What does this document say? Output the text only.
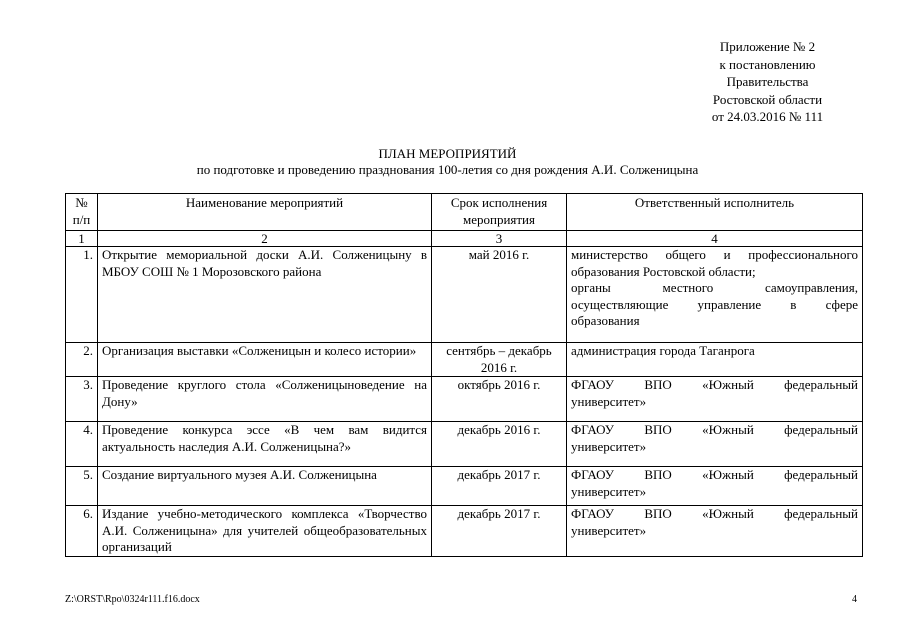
Приложение № 2
к постановлению
Правительства
Ростовской области
от 24.03.2016 № 111
ПЛАН МЕРОПРИЯТИЙ
по подготовке и проведению празднования 100-летия со дня рождения А.И. Солженицына
№ п/п	Наименование мероприятий	Срок исполнения мероприятия	Ответственный исполнитель
1	2	3	4
1.	Открытие мемориальной доски А.И. Солженицыну в МБОУ СОШ № 1 Морозовского района	май 2016 г.	министерство общего и профессионального
образования Ростовской области;
органы местного самоуправления,
осуществляющие управление в сфере
образования

2.	Организация выставки «Солженицын и колесо истории»	сентябрь – декабрь 2016 г.	администрация города Таганрога

3.	Проведение круглого стола «Солженицыноведение на Дону»	октябрь 2016 г.	ФГАОУ ВПО «Южный федеральный
университет»

4.	Проведение конкурса эссе «В чем вам видится актуальность наследия А.И. Солженицына?»	декабрь 2016 г.	ФГАОУ ВПО «Южный федеральный
университет»

5.	Создание виртуального музея А.И. Солженицына	декабрь 2017 г.	ФГАОУ ВПО «Южный федеральный
университет»

6.	Издание учебно-методического комплекса «Творчество А.И. Солженицына» для учителей общеобразовательных организаций	декабрь 2017 г.	ФГАОУ ВПО «Южный федеральный
университет»
Z:\ORST\Rpo\0324r111.f16.docx	4
